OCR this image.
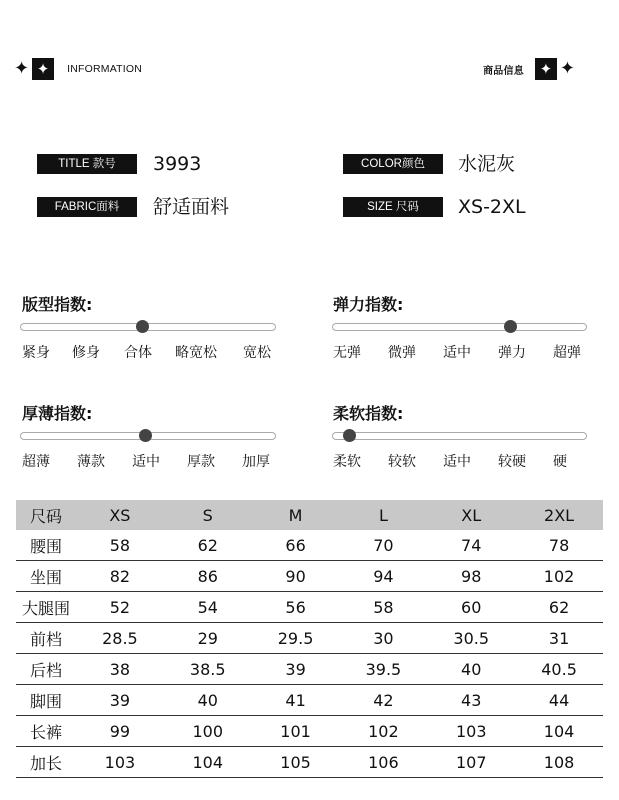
✦ ✦	INFORMATION	商品信息	✦ ✦
TITLE 款号	3993	COLOR颜色	水泥灰
FABRIC面料	舒适面料	SIZE 尺码	XS-2XL
版型指数:
紧身 修身 合体 略宽松 宽松
弹力指数:
无弹 微弹 适中 弹力 超弹
厚薄指数:
超薄 薄款 适中 厚款 加厚
柔软指数:
柔软 较软 适中 较硬 硬
尺码	XS	S	M	L	XL	2XL
腰围	58	62	66	70	74	78
坐围	82	86	90	94	98	102
大腿围	52	54	56	58	60	62
前档	28.5	29	29.5	30	30.5	31
后档	38	38.5	39	39.5	40	40.5
脚围	39	40	41	42	43	44
长裤	99	100	101	102	103	104
加长	103	104	105	106	107	108
